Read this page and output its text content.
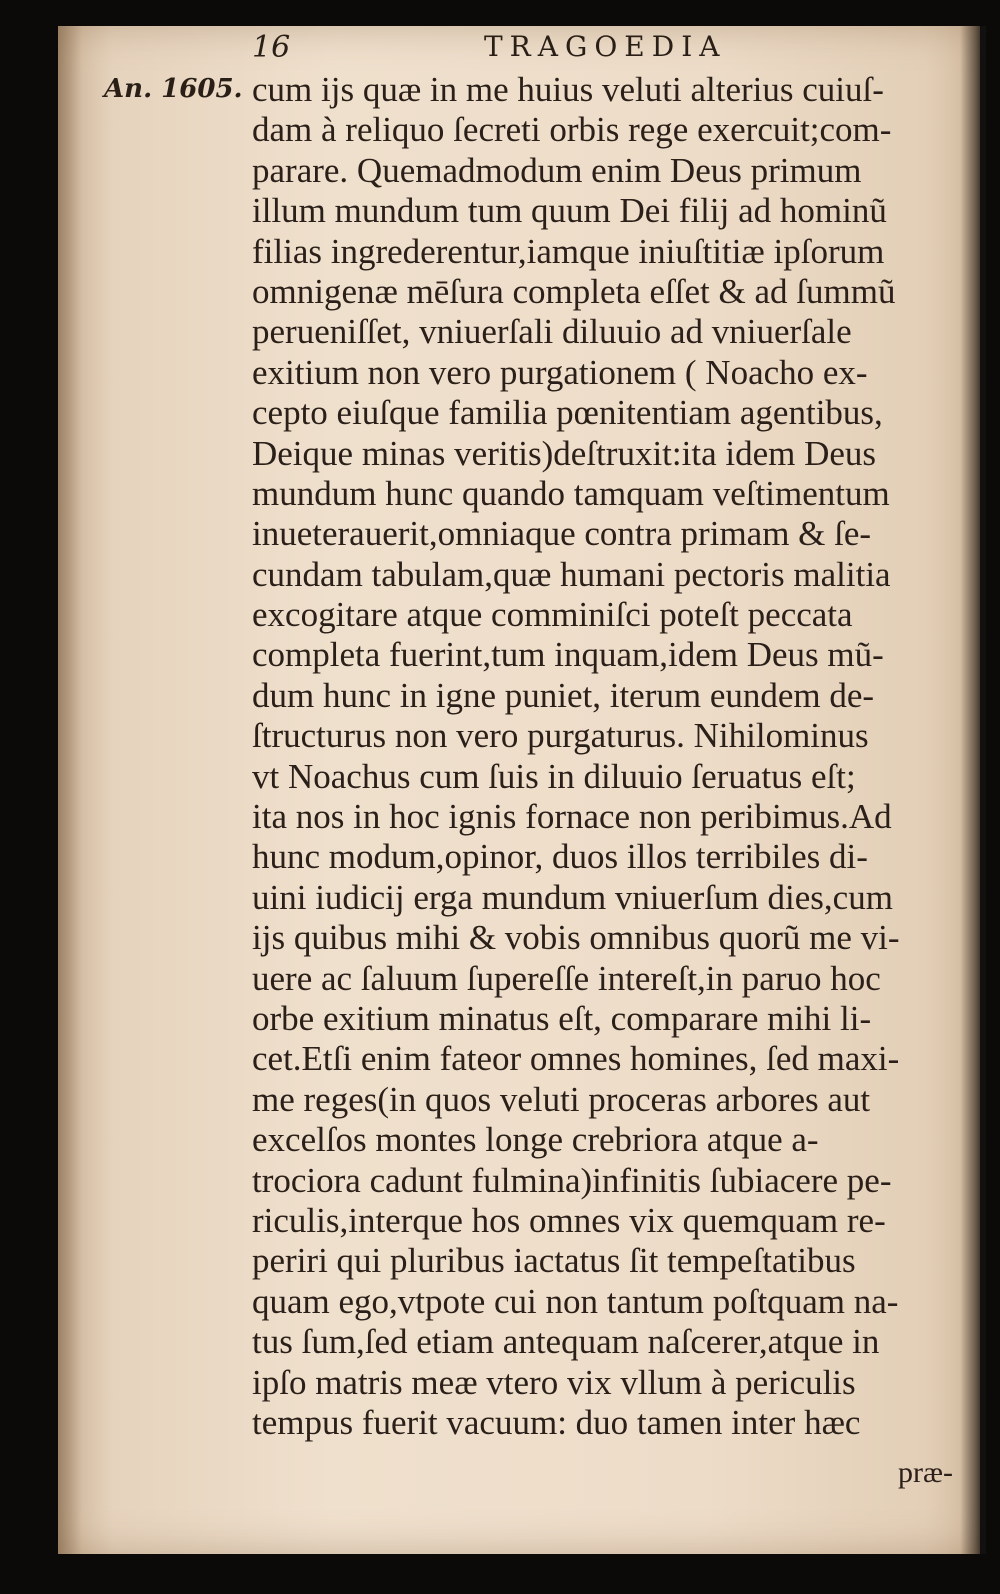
16	TRAGOEDIA
An. 1605. cum ijs quæ in me huius veluti alterius cuiuſ-
dam à reliquo ſecreti orbis rege exercuit;com-
parare. Quemadmodum enim Deus primum
illum mundum tum quum Dei filij ad hominũ
filias ingrederentur,iamque iniuſtitiæ ipſorum
omnigenæ mēſura completa eſſet & ad ſummũ
perueniſſet, vniuerſali diluuio ad vniuerſale
exitium non vero purgationem ( Noacho ex-
cepto eiuſque familia pœnitentiam agentibus,
Deique minas veritis)deſtruxit:ita idem Deus
mundum hunc quando tamquam veſtimentum
inueterauerit,omniaque contra primam & ſe-
cundam tabulam,quæ humani pectoris malitia
excogitare atque comminiſci poteſt peccata
completa fuerint,tum inquam,idem Deus mũ-
dum hunc in igne puniet, iterum eundem de-
ſtructurus non vero purgaturus. Nihilominus
vt Noachus cum ſuis in diluuio ſeruatus eſt;
ita nos in hoc ignis fornace non peribimus.Ad
hunc modum,opinor, duos illos terribiles di-
uini iudicij erga mundum vniuerſum dies,cum
ijs quibus mihi & vobis omnibus quorũ me vi-
uere ac ſaluum ſupereſſe intereſt,in paruo hoc
orbe exitium minatus eſt, comparare mihi li-
cet.Etſi enim fateor omnes homines, ſed maxi-
me reges(in quos veluti proceras arbores aut
excelſos montes longe crebriora atque a-
trociora cadunt fulmina)infinitis ſubiacere pe-
riculis,interque hos omnes vix quemquam re-
periri qui pluribus iactatus ſit tempeſtatibus
quam ego,vtpote cui non tantum poſtquam na-
tus ſum,ſed etiam antequam naſcerer,atque in
ipſo matris meæ vtero vix vllum à periculis
tempus fuerit vacuum: duo tamen inter hæc
præ-
